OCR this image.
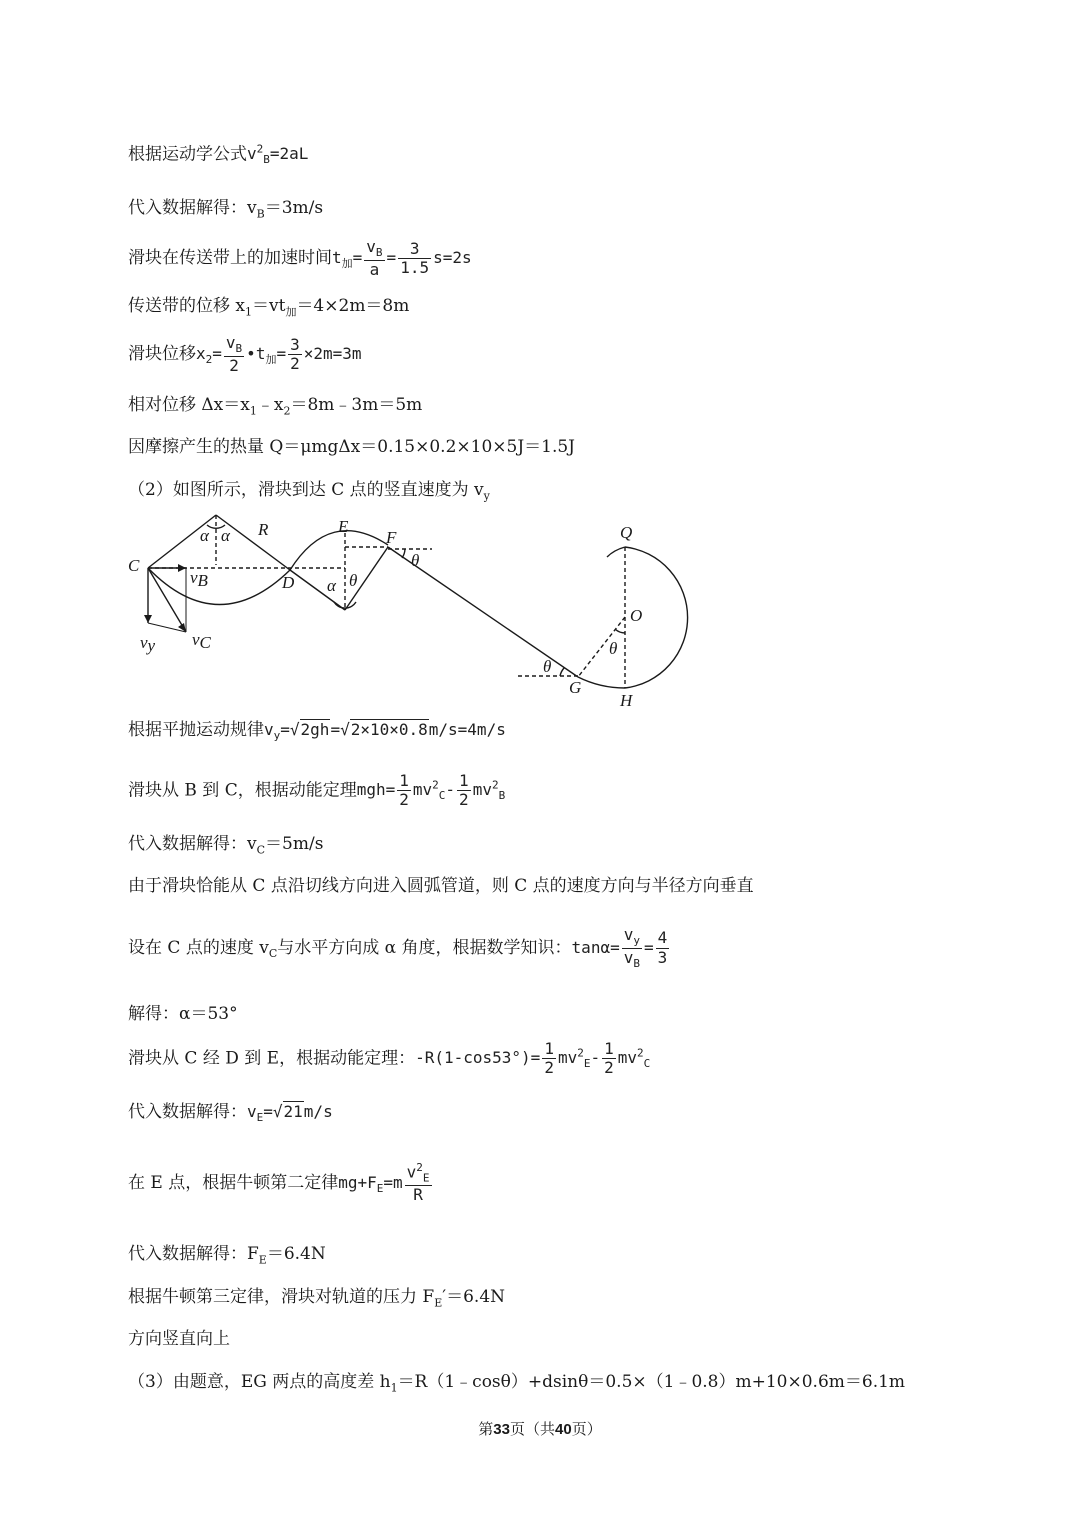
根据运动学公式$v^2_B=2aL$
代入数据解得：$v_B=3m/s$
滑块在传送带上的加速时间$t_加= \frac{v_B}{a} = \frac{3}{1.5} s=2s$
传送带的位移 $x_1=vt_加=4\times 2m=8m$
滑块位移$x_2= \frac{v_B}{2}$ $•t_加= \frac{3}{2} \times 2m=3m$
相对位移 $\Delta x=x_1﹣x_2=8m﹣3m=5m$
因摩擦产生的热量 Q＝μmgΔx＝0.15×0.2×10×5J＝1.5J
（2）如图所示，滑块到达 C 点的竖直速度为 $v_y$
C
R	E
F
D
Q
O
G
H
α α
α θ
θ
θ
θ
vB
vy vC
根据平抛运动规律$v_y=√2gh=√2\times 10\times 0.8m/s=4m/s$
滑块从 B 到 C，根据动能定理$mgh= \frac{1}{2} mv^2_C- \frac{1}{2} mv^2_B$
代入数据解得：$v_C=5m/s$
由于滑块恰能从 C 点沿切线方向进入圆弧管道，则 C 点的速度方向与半径方向垂直
设在 C 点的速度 $v_C$与水平方向成 α 角度，根据数学知识：$\tan\alpha= \frac{v_y}{v_B} = \frac{4}{3}$
解得：α＝53°
滑块从 C 经 D 到 E，根据动能定理：$-R(1-\cos 53^\circ)= \frac{1}{2} mv^2_E- \frac{1}{2} mv^2_C$
代入数据解得：$v_E=√21m/s$
在 E 点，根据牛顿第二定律$mg+F_E=m \frac{v^2_E}{R}$
代入数据解得：$F_E=6.4N$
根据牛顿第三定律，滑块对轨道的压力 $F_E'=6.4N$
方向竖直向上
（3）由题意，EG 两点的高度差 $h_1=R(1﹣\cos\theta)+dsin\theta=0.5\times(1﹣0.8)m+10\times 0.6m=6.1m$
第33页（共40页）
